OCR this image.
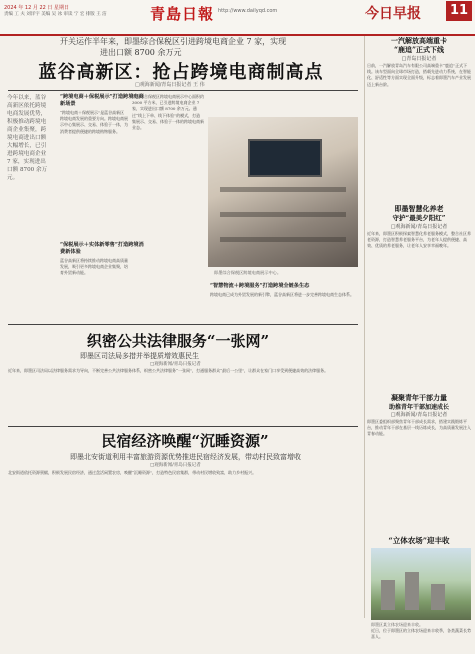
2024 年 12 月 22 日 星期日
责编 工 夫 刘洋宇 美编 吴 冰 审读 宁 宏 排版 王 洁	青島日報 http://www.dailyqd.com	今日早报	11
开关运作半年来，即墨综合保税区引进跨境电商企业 7 家，实现
进出口额 8700 余万元
蓝谷高新区：抢占跨境电商制高点
□观海新闻/青岛日报记者 王 伟
今年以来，蓝谷高新区依托跨境电商发展优势，积极推动跨境电商企业集聚，跨境电商进出口额大幅增长，已引进跨境电商企业 7 家，实现进出口额 8700 余万元。
“跨境电商＋保税展示”打造跨境电商新场景
“跨境电商＋保税展示”是蓝谷高新区跨境电商发展的重要方向。跨境电商展示中心集展示、交易、体验于一体，为消费者提供便捷的跨境购物服务。
即墨综合保税区跨境电商展示中心面积约 3000 平方米，已引进跨境电商企业 7 家，实现进出口额 8700 余万元。通过“线上下单、线下体验”的模式，打造集展示、交易、体验于一体的跨境电商新业态。
“保税展示＋实体新零售”打造跨境消费新体验
蓝谷高新区将持续推动跨境电商高质量发展，吸引更多跨境电商企业集聚，培育外贸新动能。	即墨综合保税区跨境电商展示中心。
“智慧物流＋跨境服务”打造跨境全链条生态
跨境电商已成为外贸发展的新引擎，蓝谷高新区将进一步完善跨境电商生态体系。
织密公共法律服务“一张网”
即墨区司法局多措并举提质增效惠民生
□观海新闻/青岛日报记者
近年来，即墨区司法局以法律服务需求为导向，不断完善公共法律服务体系，织密公共法律服务“一张网”，打通服务群众“最后一公里”，让群众在家门口享受到便捷高效的法律服务。
民宿经济唤醒“沉睡资源”
即墨北安街道利用丰富旅游资源优势推进民宿经济发展，带动村民致富增收
□观海新闻/青岛日报记者
北安街道依托资源禀赋，积极发展民宿经济，通过盘活闲置农房，唤醒“沉睡资源”，打造特色民宿集群，带动村民增收致富，助力乡村振兴。
一汽解放高端重卡
“鹿追”正式下线
□青岛日报记者
日前，一汽解放青岛汽车有限公司高端重卡“鹿追”正式下线。该车型面向全球市场打造，搭载先进动力系统，在智能化、舒适性等方面实现全面升级，标志着即墨汽车产业发展迈上新台阶。
即墨智慧化养老
守护“最美夕阳红”
□观海新闻/青岛日报记者
近年来，即墨区积极探索智慧化养老服务模式，整合社区养老资源，打造智慧养老服务平台，为老年人提供便捷、高效、优质的养老服务，让老年人安享幸福晚年。
凝聚青年干部力量
助推青年干部加速成长
□观海新闻/青岛日报记者
即墨区委组织部聚焦青年干部成长需求，搭建实践锻炼平台，推动青年干部在基层一线历练成长，为高质量发展注入青春动能。
“立体农场”迎丰收
即墨区某立体农场迎来丰收。
近日，位于即墨区的立体农场迎来丰收季，各类蔬菜长势喜人。
